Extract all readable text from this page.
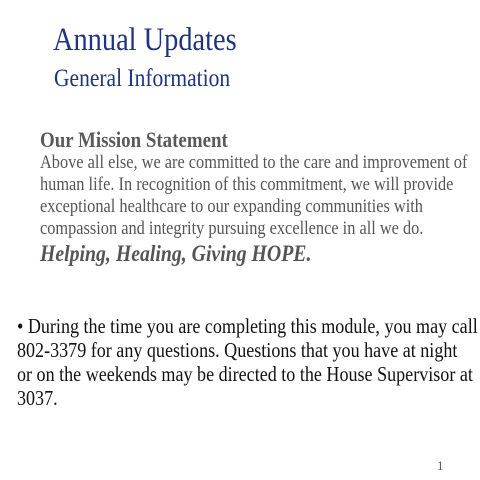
Annual Updates
General Information
Our Mission Statement
Above all else, we are committed to the care and improvement of
human life. In recognition of this commitment, we will provide
exceptional healthcare to our expanding communities with
compassion and integrity pursuing excellence in all we do.
Helping, Healing, Giving HOPE.
• During the time you are completing this module, you may call
802-3379 for any questions. Questions that you have at night
or on the weekends may be directed to the House Supervisor at
3037.
1
